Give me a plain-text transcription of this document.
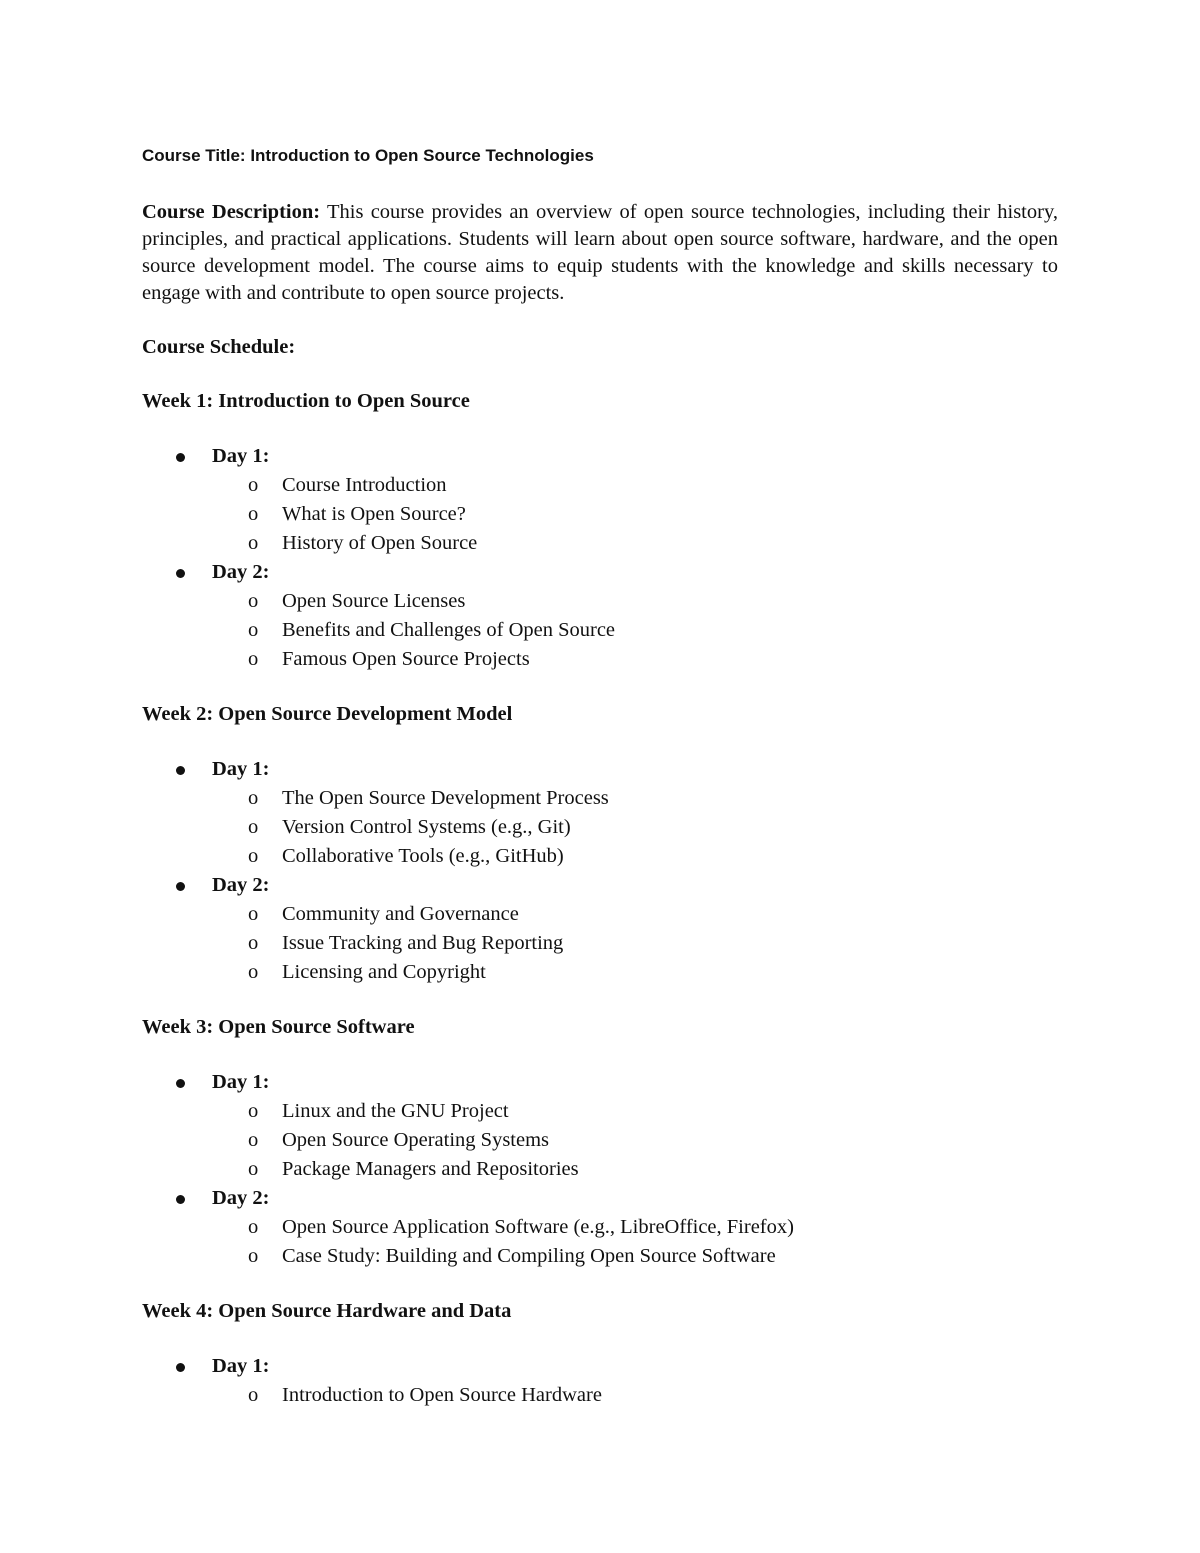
Course Title: Introduction to Open Source Technologies

Course Description: This course provides an overview of open source technologies, including their history, principles, and practical applications. Students will learn about open source software, hardware, and the open source development model. The course aims to equip students with the knowledge and skills necessary to engage with and contribute to open source projects.

Course Schedule:

Week 1: Introduction to Open Source

Day 1:
o Course Introduction
o What is Open Source?
o History of Open Source
Day 2:
o Open Source Licenses
o Benefits and Challenges of Open Source
o Famous Open Source Projects

Week 2: Open Source Development Model

Day 1:
o The Open Source Development Process
o Version Control Systems (e.g., Git)
o Collaborative Tools (e.g., GitHub)
Day 2:
o Community and Governance
o Issue Tracking and Bug Reporting
o Licensing and Copyright

Week 3: Open Source Software

Day 1:
o Linux and the GNU Project
o Open Source Operating Systems
o Package Managers and Repositories
Day 2:
o Open Source Application Software (e.g., LibreOffice, Firefox)
o Case Study: Building and Compiling Open Source Software

Week 4: Open Source Hardware and Data

Day 1:
o Introduction to Open Source Hardware
